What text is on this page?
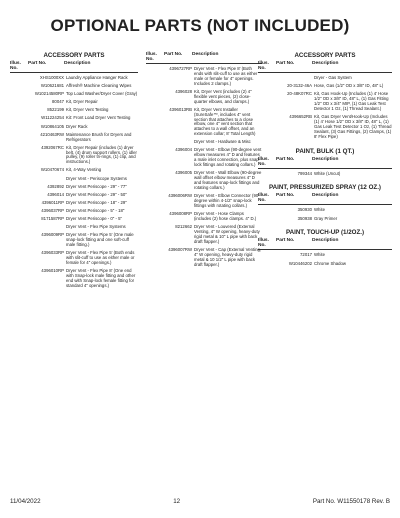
OPTIONAL PARTS (NOT INCLUDED)
ACCESSORY PARTS
Illus. No.
Part No.	Description
XHS1000XX Laundry Appliance Hanger Rack
W10621681 Affresh® Machine Cleaning Wipes
W10214580RP Top Load Washer/Dryer Cover (Gray)
80047 Kit, Dryer Repair
8522199 Kit, Dryer Vent Testing
W11224254 Kit: Front Load Dryer Vent Testing
W10864105 Dryer Rack
4210463RW Maintenance Brush for Dryers and Refrigerators
4392067RC Kit, Dryer Repair (includes (1) dryer belt, (4) drum support rollers, (1) idler pulley, (9) roller tri-rings, (1) clip, and instructions.)
W10470674 Kit, 4-Way Venting
Dryer Vent - Periscope Systems
4392892 Dryer Vent Periscope - 29" - 77"
4396014 Dryer Vent Periscope - 29" - 50"
4396011RP Dryer Vent Periscope - 18" - 29"
4396037RP Dryer Vent Periscope - 5" - 18"
8171587RP Dryer Vent Periscope - 0" - 5"
Dryer Vent - Flex Pipe Systems
4396009RP Dryer Vent - Flex Pipe 5' (One male snap-lock fitting and one soft-cuff male fitting.)
4396033RP Dryer Vent - Flex Pipe 5' (Both ends with slit-cuff to use as either male or female for 4" openings.)
4396010RP Dryer Vent - Flex Pipe 8' (One end with Snap-lock male fitting and other end with Snap-lock female fitting for standard 4" openings.)
Illus. No.
Part No.	Description
4396727RP Dryer Vent - Flex Pipe 8' (Both ends with slit-cuff to use as either male or female for 4" openings. Includes 2 clamps.)
4396028 Kit, Dryer Vent (includes (2) 4" flexible vent pieces, (2) close-quarter elbows, and clamps.)
4396013RB Kit, Dryer Vent Installer (SureSafe™, includes 4" vent section that attaches to a close elbow, one 4" vent section that attaches to a wall offset, and an extension collar; 8' Total Length)
Dryer Vent - Hardware & Misc
4396004 Dryer Vent - Elbow (90-degree vent elbow measures 4" D and features a male inlet connection, plus snap-lock fittings and rotating collars.)
4396005 Dryer Vent - Wall Elbow (90-degree wall offset elbow measures 4" D and features snap-lock fittings and rotating collars.)
4396006RW Dryer Vent - Elbow Connector (90-degree within 4-1/2" snap-lock fittings with rotating collars.)
4396008RP Dryer Vent - Hose Clamps (includes (2) hose clamps. 4" D.)
8212662 Dryer Vent - Louvered (External Venting, 4" W opening, heavy-duty rigid metal & 10" L pipe with back draft flapper.)
4396007RW Dryer Vent - Cap (External Venting, 4" W opening, heavy-duty rigid metal & 10 1/2" L pipe with back draft flapper.)
ACCESSORY PARTS
Illus. No.
Part No.	Description
Dryer - Gas System
20-3132-46A Hose, Gas (1/2" OD x 3/8" ID, 48" L)
20-48K07RC Kit, Gas Hook-Up (Includes (1) 4' Hose 1/2" OD x 3/8" ID, 48" L, (1) Gas Fitting 1/2" OD x 3/4" MIP, (1) Gas Leak Test Detector 1 Oz, (1) Thread Sealant.)
4396652RB Kit, Gas Dryer Vent/Hook-Up (Includes (1) 4' Hose 1/2" OD x 3/8" ID, 48" L, (1) Gas Leak Test Detector 1 Oz, (1) Thread Sealant, (3) Gas Fittings, (2) Clamps, (1) 8' Flex Pipe)
PAINT, BULK (1 QT.)
Illus. No.
Part No.	Description
799344 White (Uncut)
PAINT, PRESSURIZED SPRAY (12 OZ.)
Illus. No.
Part No.	Description
350930 White
350938 Gray Primer
PAINT, TOUCH-UP (1/2OZ.)
Illus. No.
Part No.	Description
72017 White
W10446202 Chrome Shadow
11/04/2022	12	Part No. W11550178 Rev. B
